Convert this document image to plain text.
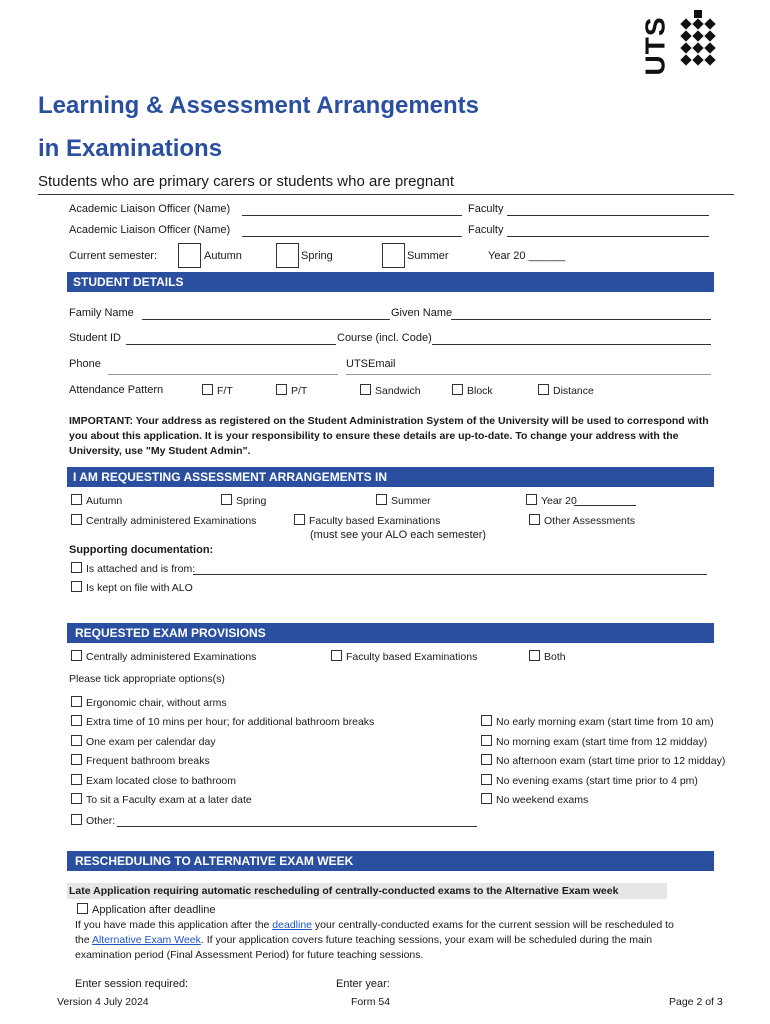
UTS
Learning & Assessment Arrangements
in Examinations
Students who are primary carers or students who are pregnant
Academic Liaison Officer (Name)	Faculty
Academic Liaison Officer (Name)	Faculty
Current semester:	Autumn	Spring	Summer	Year 20 ______
STUDENT DETAILS
Family Name	Given Name
Student ID	Course (incl. Code)
Phone	UTSEmail
Attendance Pattern	F/T	P/T	Sandwich	Block	Distance
IMPORTANT: Your address as registered on the Student Administration System of the University will be used to correspond with you about this application. It is your responsibility to ensure these details are up-to-date. To change your address with the University, use "My Student Admin".
I AM REQUESTING ASSESSMENT ARRANGEMENTS IN
Autumn	Spring	Summer	Year 20
Centrally administered Examinations	Faculty based Examinations
(must see your ALO each semester)
Other Assessments
Supporting documentation:
Is attached and is from:
Is kept on file with ALO
REQUESTED EXAM PROVISIONS
Centrally administered Examinations	Faculty based Examinations	Both
Please tick appropriate options(s)
Ergonomic chair, without arms
Extra time of 10 mins per hour; for additional bathroom breaks
One exam per calendar day
Frequent bathroom breaks
Exam located close to bathroom
To sit a Faculty exam at a later date
Other:
No early morning exam (start time from 10 am)
No morning exam (start time from 12 midday)
No afternoon exam (start time prior to 12 midday)
No evening exams (start time prior to 4 pm)
No weekend exams
RESCHEDULING TO ALTERNATIVE EXAM WEEK
Late Application requiring automatic rescheduling of centrally-conducted exams to the Alternative Exam week
Application after deadline
If you have made this application after the deadline your centrally-conducted exams for the current session will be rescheduled to the Alternative Exam Week. If your application covers future teaching sessions, your exam will be scheduled during the main examination period (Final Assessment Period) for future teaching sessions.
Enter session required:	Enter year:
Version 4 July 2024	Form 54	Page 2 of 3
